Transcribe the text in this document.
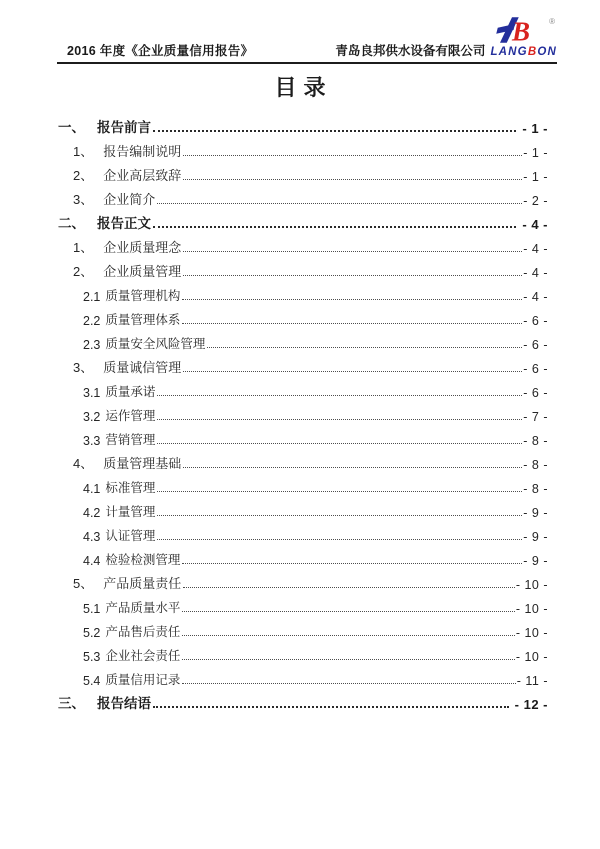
2016 年度《企业质量信用报告》	青岛良邦供水设备有限公司 LANGBON
B ®
目录
一、 报告前言	- 1 -
1、 报告编制说明	- 1 -
2、 企业高层致辞	- 1 -
3、 企业简介	- 2 -
二、 报告正文	- 4 -
1、 企业质量理念	- 4 -
2、 企业质量管理	- 4 -
2.1 质量管理机构	- 4 -
2.2 质量管理体系	- 6 -
2.3 质量安全风险管理	- 6 -
3、 质量诚信管理	- 6 -
3.1 质量承诺	- 6 -
3.2 运作管理	- 7 -
3.3 营销管理	- 8 -
4、 质量管理基础	- 8 -
4.1 标准管理	- 8 -
4.2 计量管理	- 9 -
4.3 认证管理	- 9 -
4.4 检验检测管理	- 9 -
5、 产品质量责任	- 10 -
5.1 产品质量水平	- 10 -
5.2 产品售后责任	- 10 -
5.3 企业社会责任	- 10 -
5.4 质量信用记录	- 11 -
三、 报告结语	- 12 -
